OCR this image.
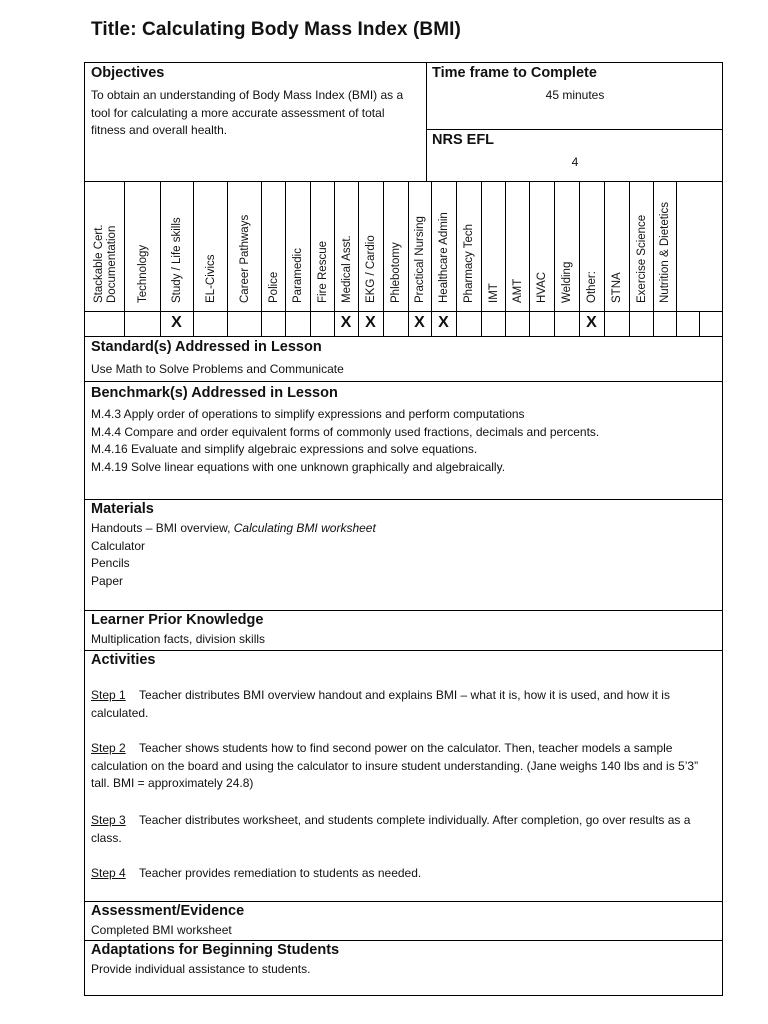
Title: Calculating Body Mass Index (BMI)
Objectives
To obtain an understanding of Body Mass Index (BMI) as a tool for calculating a more accurate assessment of total fitness and overall health.
Time frame to Complete
45 minutes
NRS EFL
4
Stackable Cert. Documentation Technology Study / Life skills
X
EL-Civics Career Pathways Police Paramedic Fire Rescue Medical Asst.
X
EKG / Cardio
X
Phlebotomy Practical Nursing
X
Healthcare Admin
X
Pharmacy Tech IMT AMT HVAC Welding Other:
X
STNA Exercise Science Nutrition & Dietetics
Standard(s) Addressed in Lesson
Use Math to Solve Problems and Communicate
Benchmark(s) Addressed in Lesson
M.4.3 Apply order of operations to simplify expressions and perform computations
M.4.4 Compare and order equivalent forms of commonly used fractions, decimals and percents.
M.4.16 Evaluate and simplify algebraic expressions and solve equations.
M.4.19 Solve linear equations with one unknown graphically and algebraically.
Materials
Handouts – BMI overview, Calculating BMI worksheet
Calculator
Pencils
Paper
Learner Prior Knowledge
Multiplication facts, division skills
Activities
Step 1 Teacher distributes BMI overview handout and explains BMI – what it is, how it is used, and how it is calculated.
Step 2 Teacher shows students how to find second power on the calculator. Then, teacher models a sample calculation on the board and using the calculator to insure student understanding. (Jane weighs 140 lbs and is 5’3” tall. BMI = approximately 24.8)
Step 3 Teacher distributes worksheet, and students complete individually. After completion, go over results as a class.
Step 4 Teacher provides remediation to students as needed.
Assessment/Evidence
Completed BMI worksheet
Adaptations for Beginning Students
Provide individual assistance to students.
